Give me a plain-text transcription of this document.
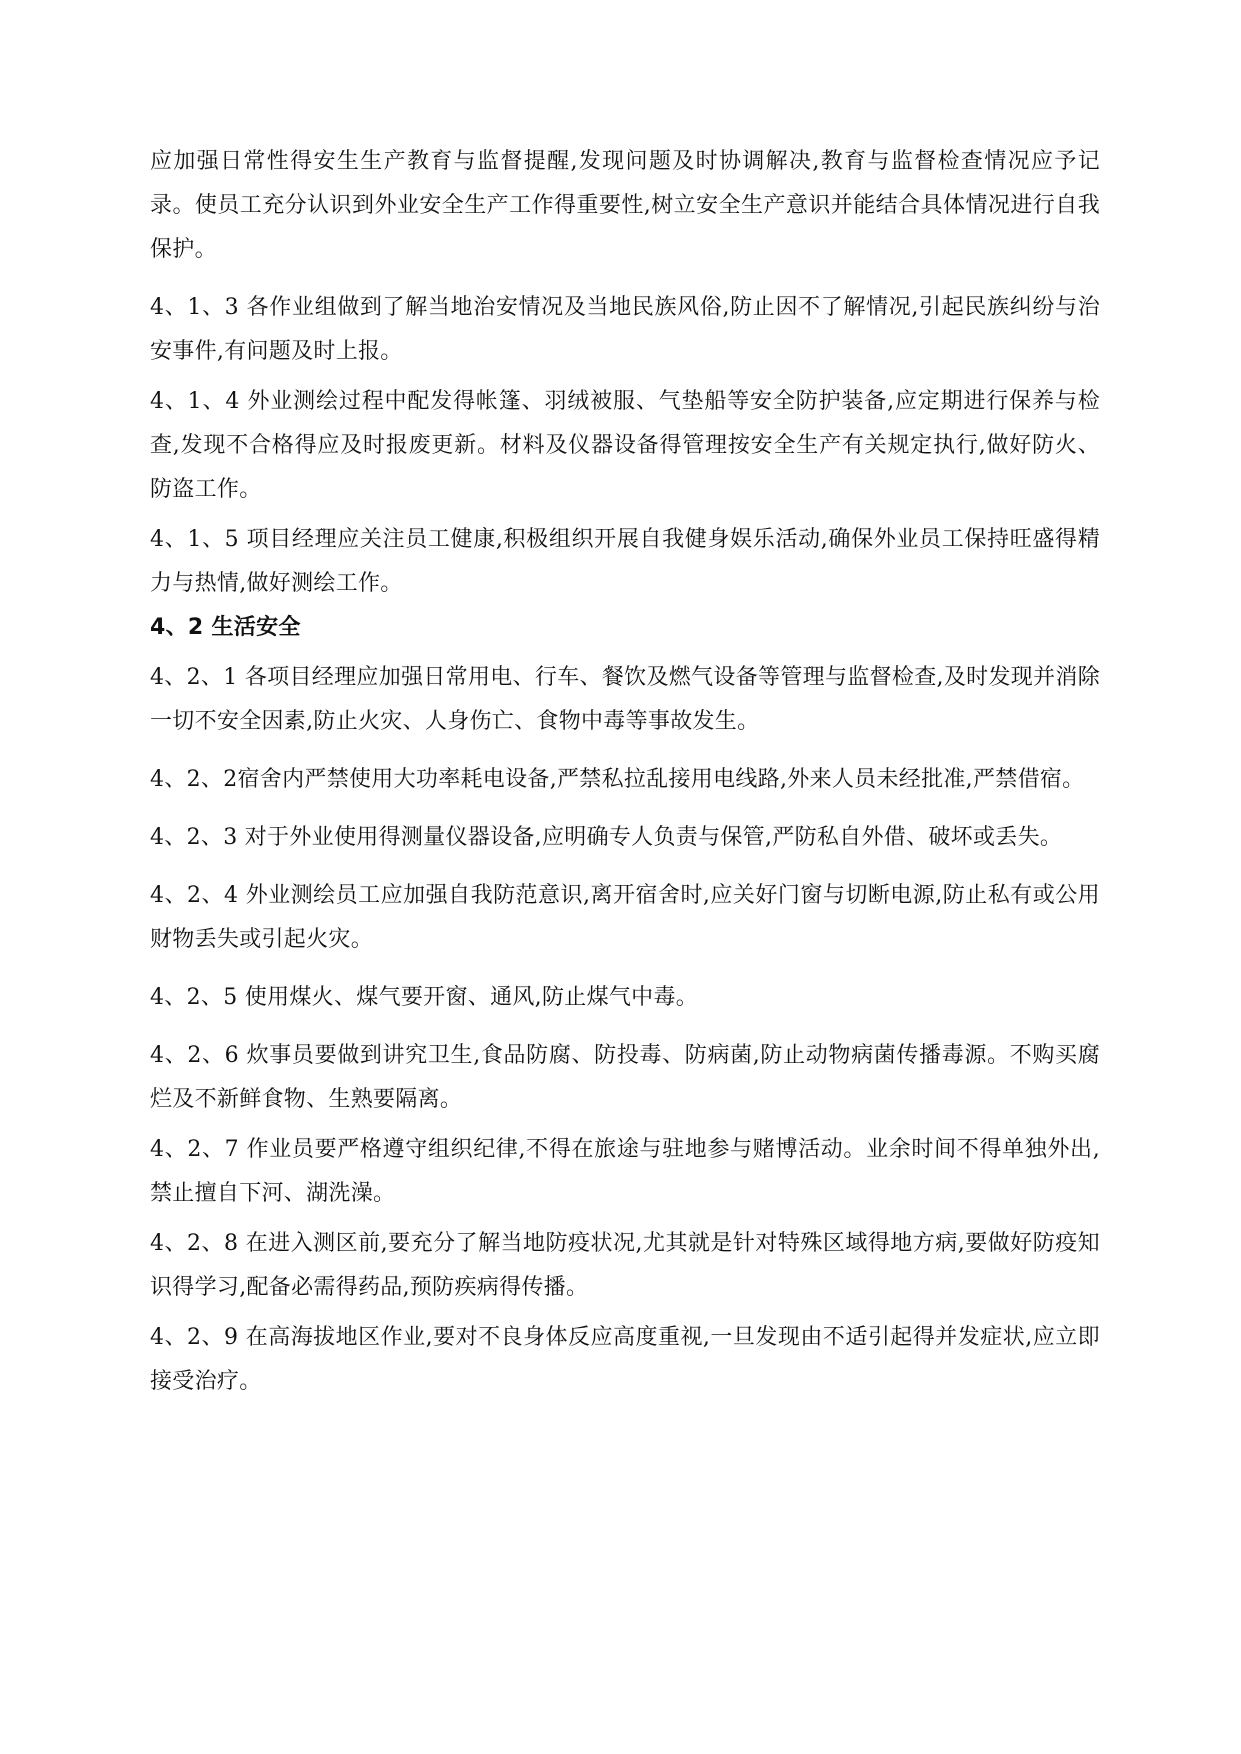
应加强日常性得安生生产教育与监督提醒,发现问题及时协调解决,教育与监督检查情况应予记录。使员工充分认识到外业安全生产工作得重要性,树立安全生产意识并能结合具体情况进行自我保护。

4、1、3 各作业组做到了解当地治安情况及当地民族风俗,防止因不了解情况,引起民族纠纷与治安事件,有问题及时上报。

4、1、4 外业测绘过程中配发得帐篷、羽绒被服、气垫船等安全防护装备,应定期进行保养与检查,发现不合格得应及时报废更新。材料及仪器设备得管理按安全生产有关规定执行,做好防火、防盗工作。

4、1、5 项目经理应关注员工健康,积极组织开展自我健身娱乐活动,确保外业员工保持旺盛得精力与热情,做好测绘工作。

4、2 生活安全

4、2、1 各项目经理应加强日常用电、行车、餐饮及燃气设备等管理与监督检查,及时发现并消除一切不安全因素,防止火灾、人身伤亡、食物中毒等事故发生。

4、2、2宿舍内严禁使用大功率耗电设备,严禁私拉乱接用电线路,外来人员未经批准,严禁借宿。

4、2、3 对于外业使用得测量仪器设备,应明确专人负责与保管,严防私自外借、破坏或丢失。

4、2、4 外业测绘员工应加强自我防范意识,离开宿舍时,应关好门窗与切断电源,防止私有或公用财物丢失或引起火灾。

4、2、5 使用煤火、煤气要开窗、通风,防止煤气中毒。

4、2、6 炊事员要做到讲究卫生,食品防腐、防投毒、防病菌,防止动物病菌传播毒源。不购买腐烂及不新鲜食物、生熟要隔离。

4、2、7 作业员要严格遵守组织纪律,不得在旅途与驻地参与赌博活动。业余时间不得单独外出,禁止擅自下河、湖洗澡。

4、2、8 在进入测区前,要充分了解当地防疫状况,尤其就是针对特殊区域得地方病,要做好防疫知识得学习,配备必需得药品,预防疾病得传播。

4、2、9 在高海拔地区作业,要对不良身体反应高度重视,一旦发现由不适引起得并发症状,应立即接受治疗。
